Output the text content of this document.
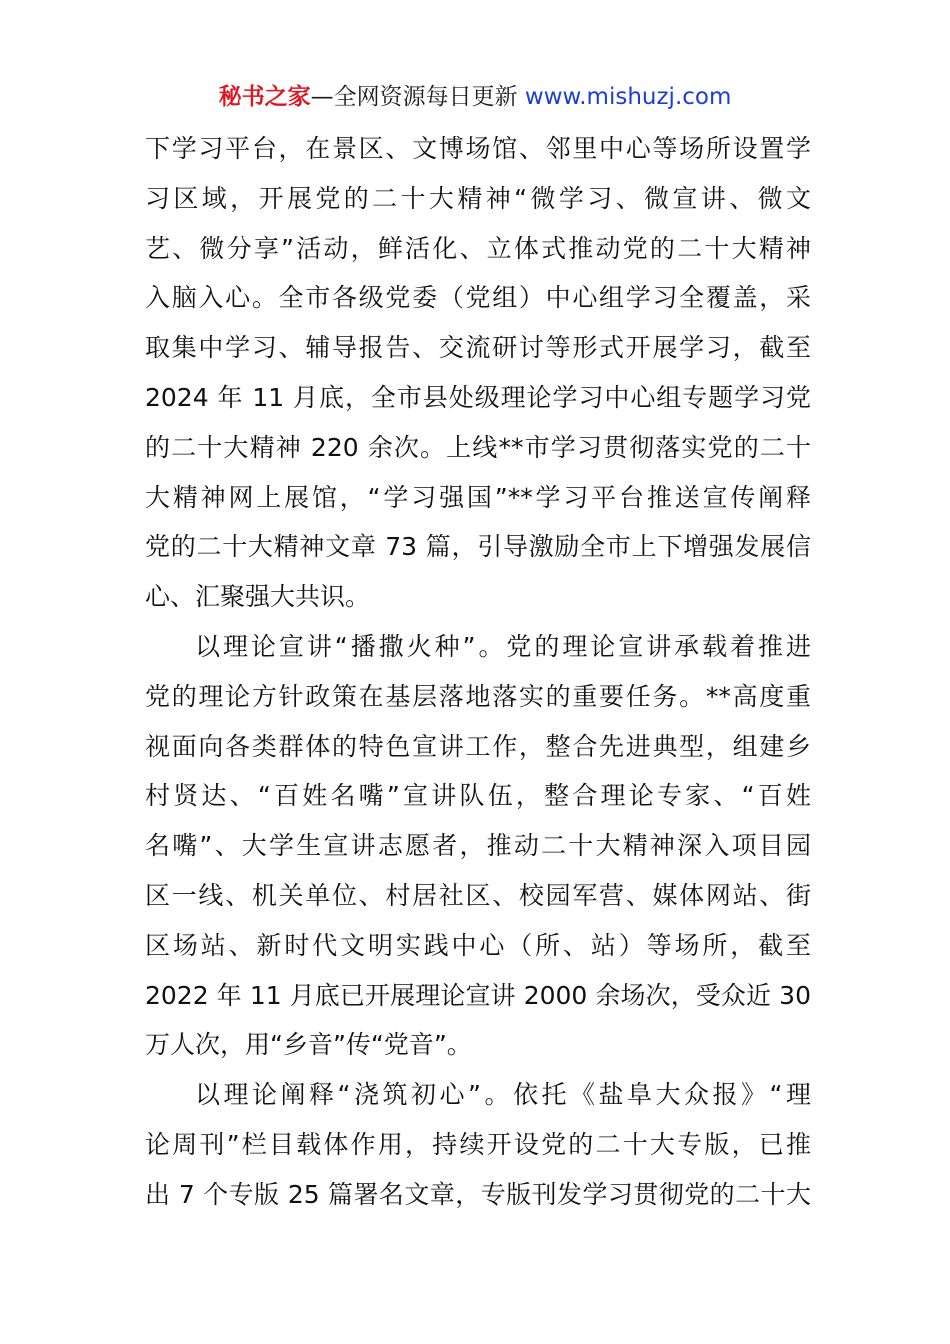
秘书之家—全网资源每日更新 www.mishuzj.com
下学习平台，在景区、文博场馆、邻里中心等场所设置学
习区域，开展党的二十大精神“微学习、微宣讲、微文
艺、微分享”活动，鲜活化、立体式推动党的二十大精神
入脑入心。全市各级党委（党组）中心组学习全覆盖，采
取集中学习、辅导报告、交流研讨等形式开展学习，截至
2024 年 11 月底，全市县处级理论学习中心组专题学习党
的二十大精神 220 余次。上线**市学习贯彻落实党的二十
大精神网上展馆，“学习强国”**学习平台推送宣传阐释
党的二十大精神文章 73 篇，引导激励全市上下增强发展信
心、汇聚强大共识。
以理论宣讲“播撒火种”。党的理论宣讲承载着推进
党的理论方针政策在基层落地落实的重要任务。**高度重
视面向各类群体的特色宣讲工作，整合先进典型，组建乡
村贤达、“百姓名嘴”宣讲队伍，整合理论专家、“百姓
名嘴”、大学生宣讲志愿者，推动二十大精神深入项目园
区一线、机关单位、村居社区、校园军营、媒体网站、街
区场站、新时代文明实践中心（所、站）等场所，截至
2022 年 11 月底已开展理论宣讲 2000 余场次，受众近 30
万人次，用“乡音”传“党音”。
以理论阐释“浇筑初心”。依托《盐阜大众报》“理
论周刊”栏目载体作用，持续开设党的二十大专版，已推
出 7 个专版 25 篇署名文章，专版刊发学习贯彻党的二十大
